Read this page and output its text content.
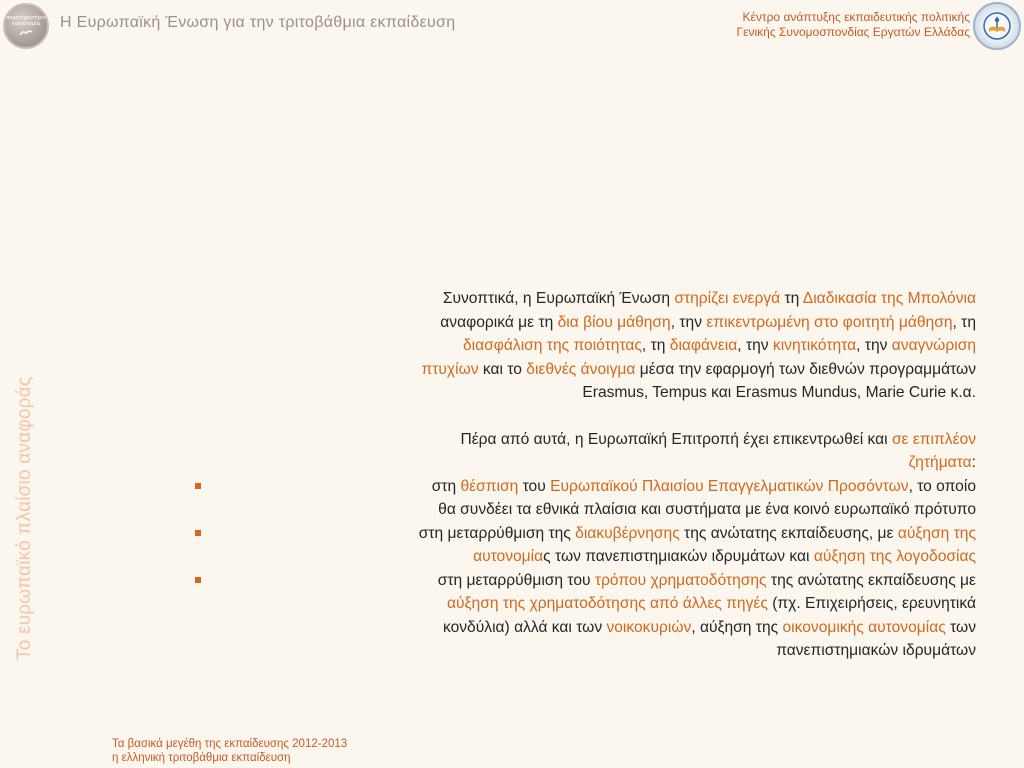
παρατηρητήριο
καινοτομία Η Ευρωπαϊκή Ένωση για την τριτοβάθμια εκπαίδευση	Κέντρο ανάπτυξης εκπαιδευτικής πολιτικής
Γενικής Συνομοσπονδίας Εργατών Ελλάδας
Το ευρωπαϊκό πλαίσιο αναφοράς

Συνοπτικά, η Ευρωπαϊκή Ένωση στηρίζει ενεργά τη Διαδικασία της Μπολόνια

αναφορικά με τη δια βίου μάθηση, την επικεντρωμένη στο φοιτητή μάθηση, τη

διασφάλιση της ποιότητας, τη διαφάνεια, την κινητικότητα, την αναγνώριση

πτυχίων και το διεθνές άνοιγμα μέσα την εφαρμογή των διεθνών προγραμμάτων

Erasmus, Tempus και Erasmus Mundus, Marie Curie κ.α.

Πέρα από αυτά, η Ευρωπαϊκή Επιτροπή έχει επικεντρωθεί και σε επιπλέον

ζητήματα:

στη θέσπιση του Ευρωπαϊκού Πλαισίου Επαγγελματικών Προσόντων, το οποίο

θα συνδέει τα εθνικά πλαίσια και συστήματα με ένα κοινό ευρωπαϊκό πρότυπο

στη μεταρρύθμιση της διακυβέρνησης της ανώτατης εκπαίδευσης, με αύξηση της

αυτονομίας των πανεπιστημιακών ιδρυμάτων και αύξηση της λογοδοσίας

στη μεταρρύθμιση του τρόπου χρηματοδότησης της ανώτατης εκπαίδευσης με

αύξηση της χρηματοδότησης από άλλες πηγές (πχ. Επιχειρήσεις, ερευνητικά

κονδύλια) αλλά και των νοικοκυριών, αύξηση της οικονομικής αυτονομίας των

πανεπιστημιακών ιδρυμάτων

Τα βασικά μεγέθη της εκπαίδευσης 2012-2013
η ελληνική τριτοβάθμια εκπαίδευση
